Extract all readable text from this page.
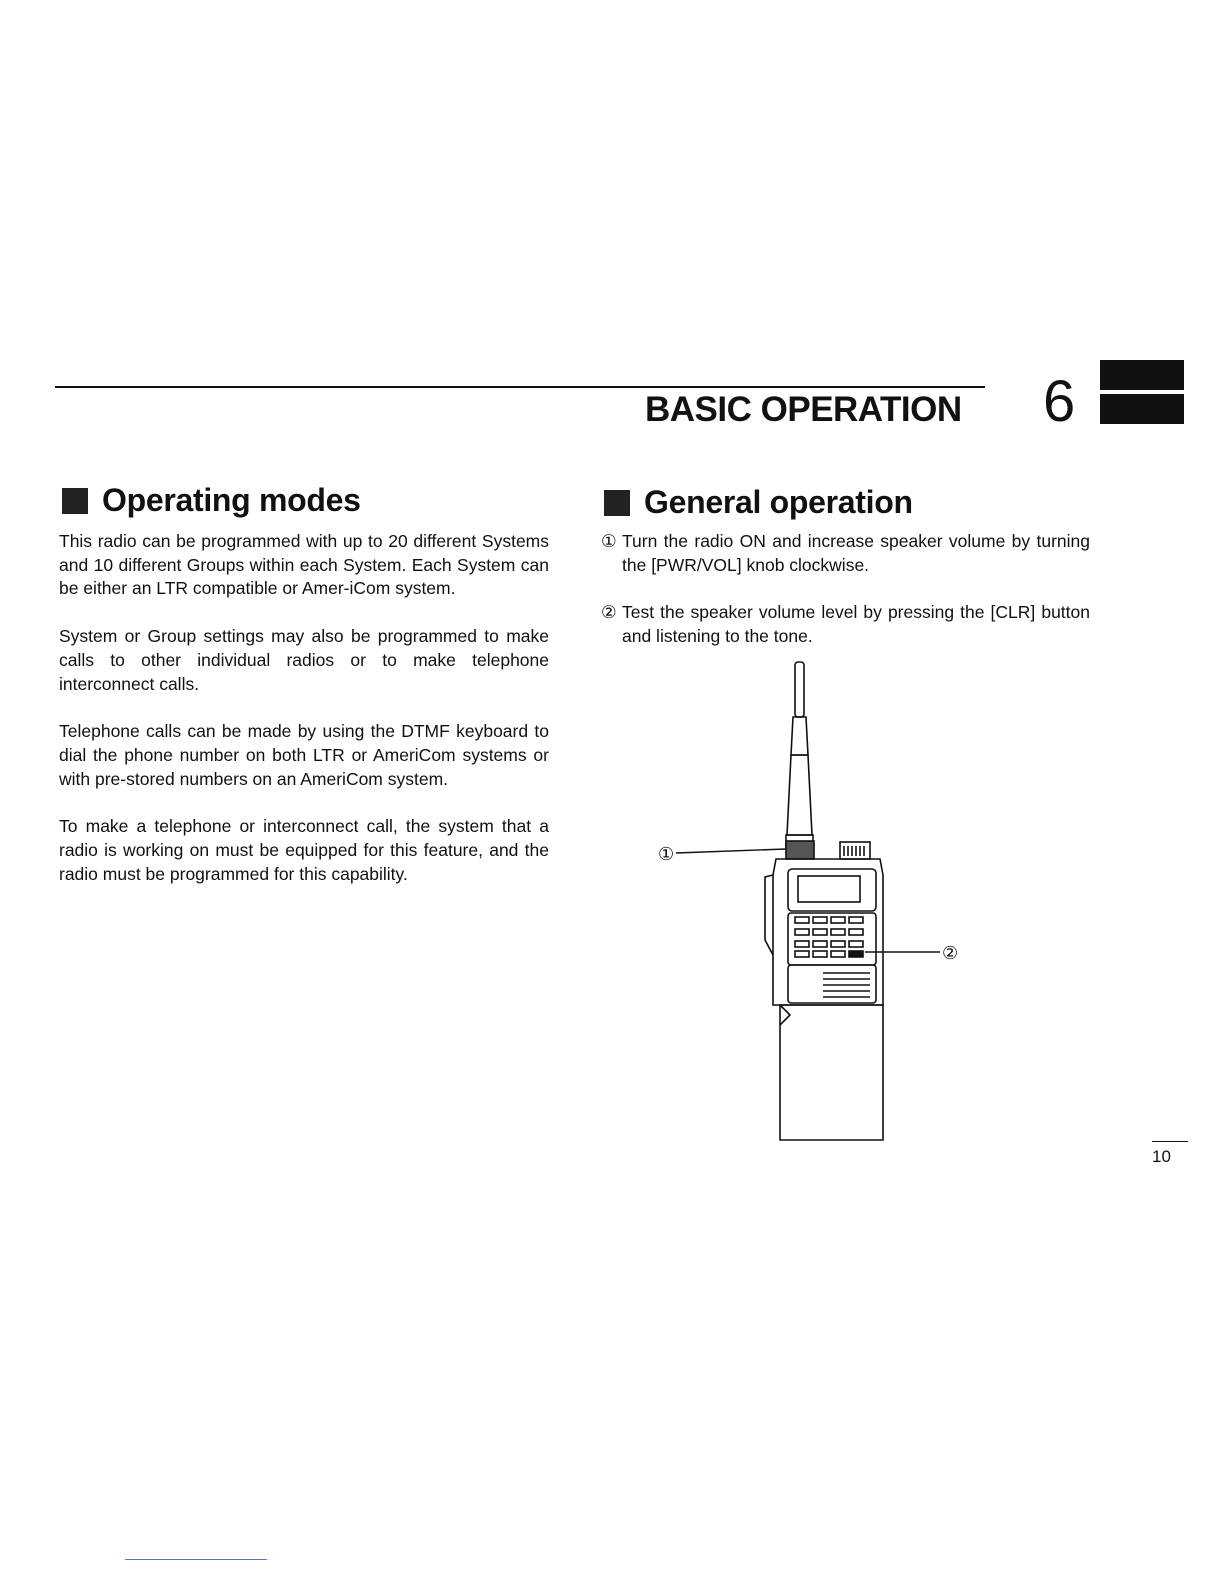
BASIC OPERATION 6
Operating modes

This radio can be programmed with up to 20 different Systems and 10 different Groups within each System. Each System can be either an LTR compatible or Amer-iCom system.

System or Group settings may also be programmed to make calls to other individual radios or to make telephone interconnect calls.

Telephone calls can be made by using the DTMF keyboard to dial the phone number on both LTR or AmeriCom systems or with pre-stored numbers on an AmeriCom system.

To make a telephone or interconnect call, the system that a radio is working on must be equipped for this feature, and the radio must be programmed for this capability.

General operation
① Turn the radio ON and increase speaker volume by turning the [PWR/VOL] knob clockwise.
② Test the speaker volume level by pressing the [CLR] button and listening to the tone.
①
②
10
